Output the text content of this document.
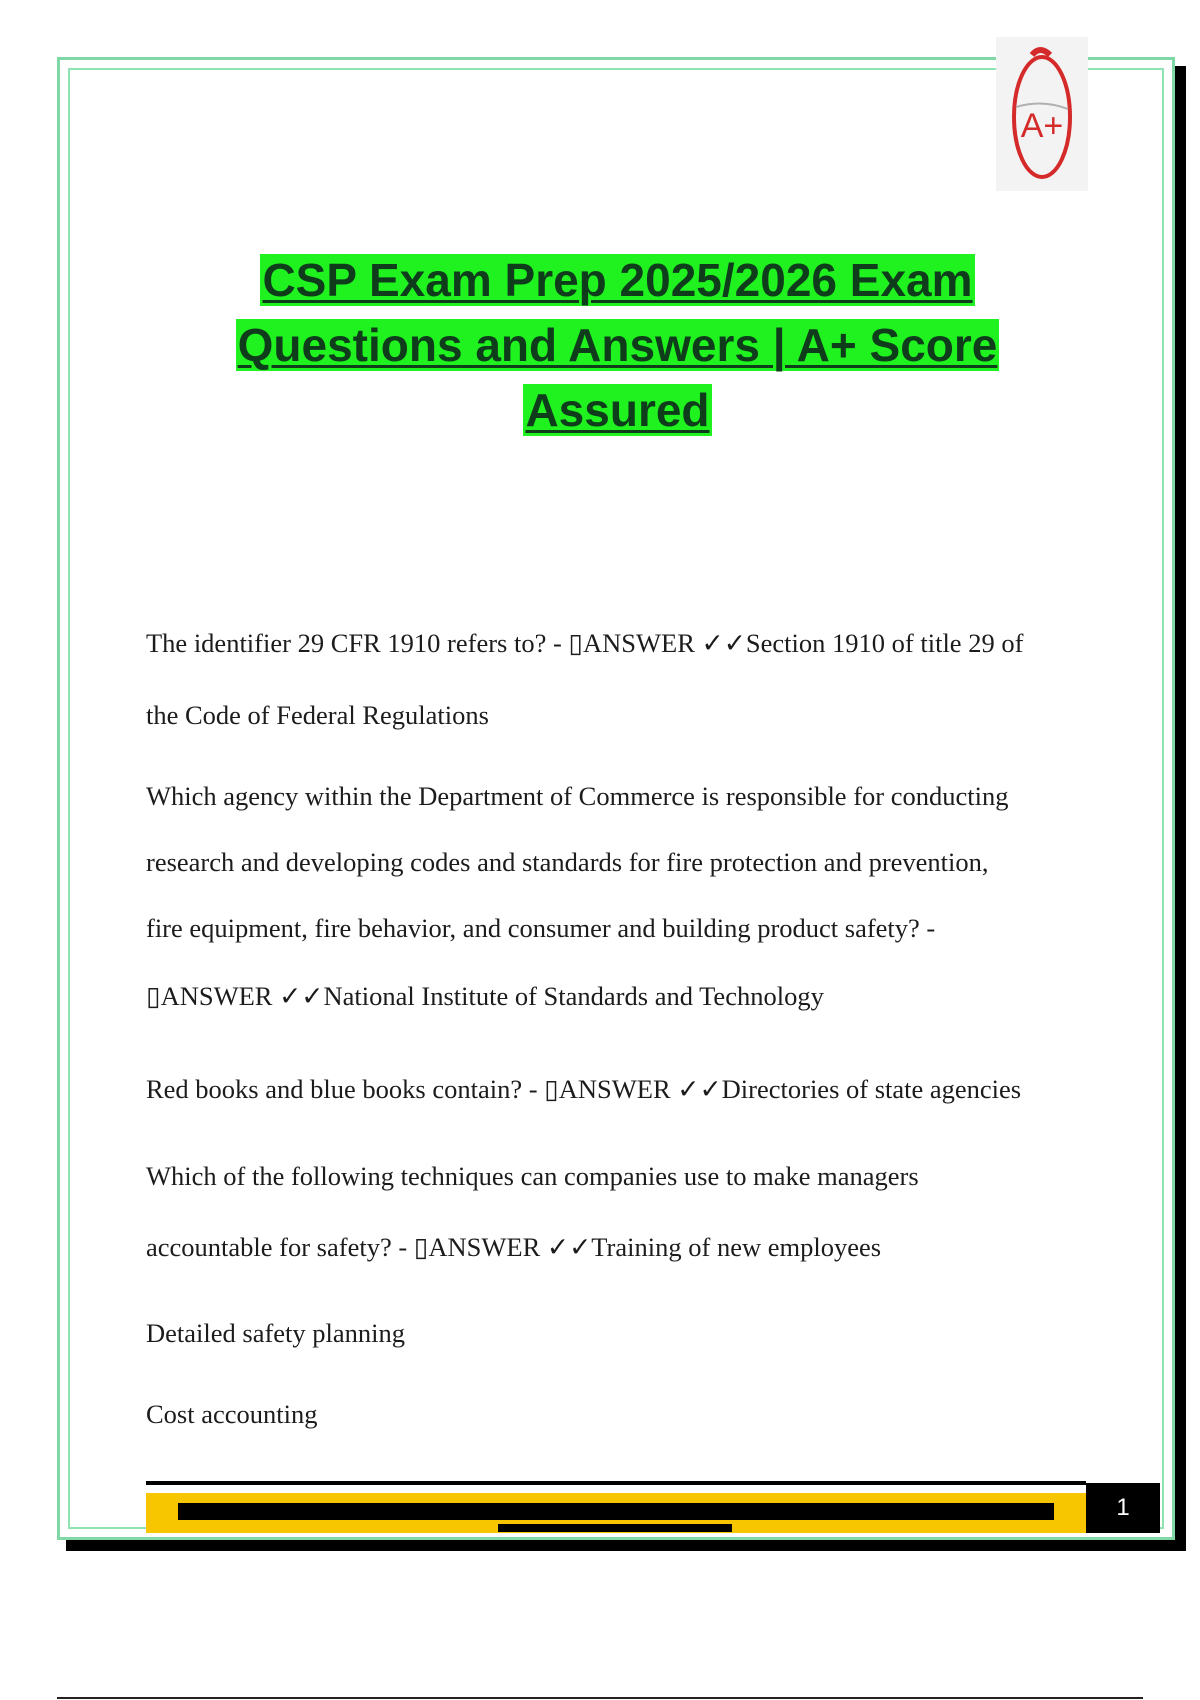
A+
CSP Exam Prep 2025/2026 Exam
Questions and Answers | A+ Score
Assured
The identifier 29 CFR 1910 refers to? - ▯ANSWER ✓✓Section 1910 of title 29 of
the Code of Federal Regulations
Which agency within the Department of Commerce is responsible for conducting
research and developing codes and standards for fire protection and prevention,
fire equipment, fire behavior, and consumer and building product safety? -
▯ANSWER ✓✓National Institute of Standards and Technology
Red books and blue books contain? - ▯ANSWER ✓✓Directories of state agencies
Which of the following techniques can companies use to make managers
accountable for safety? - ▯ANSWER ✓✓Training of new employees
Detailed safety planning
Cost accounting
1
